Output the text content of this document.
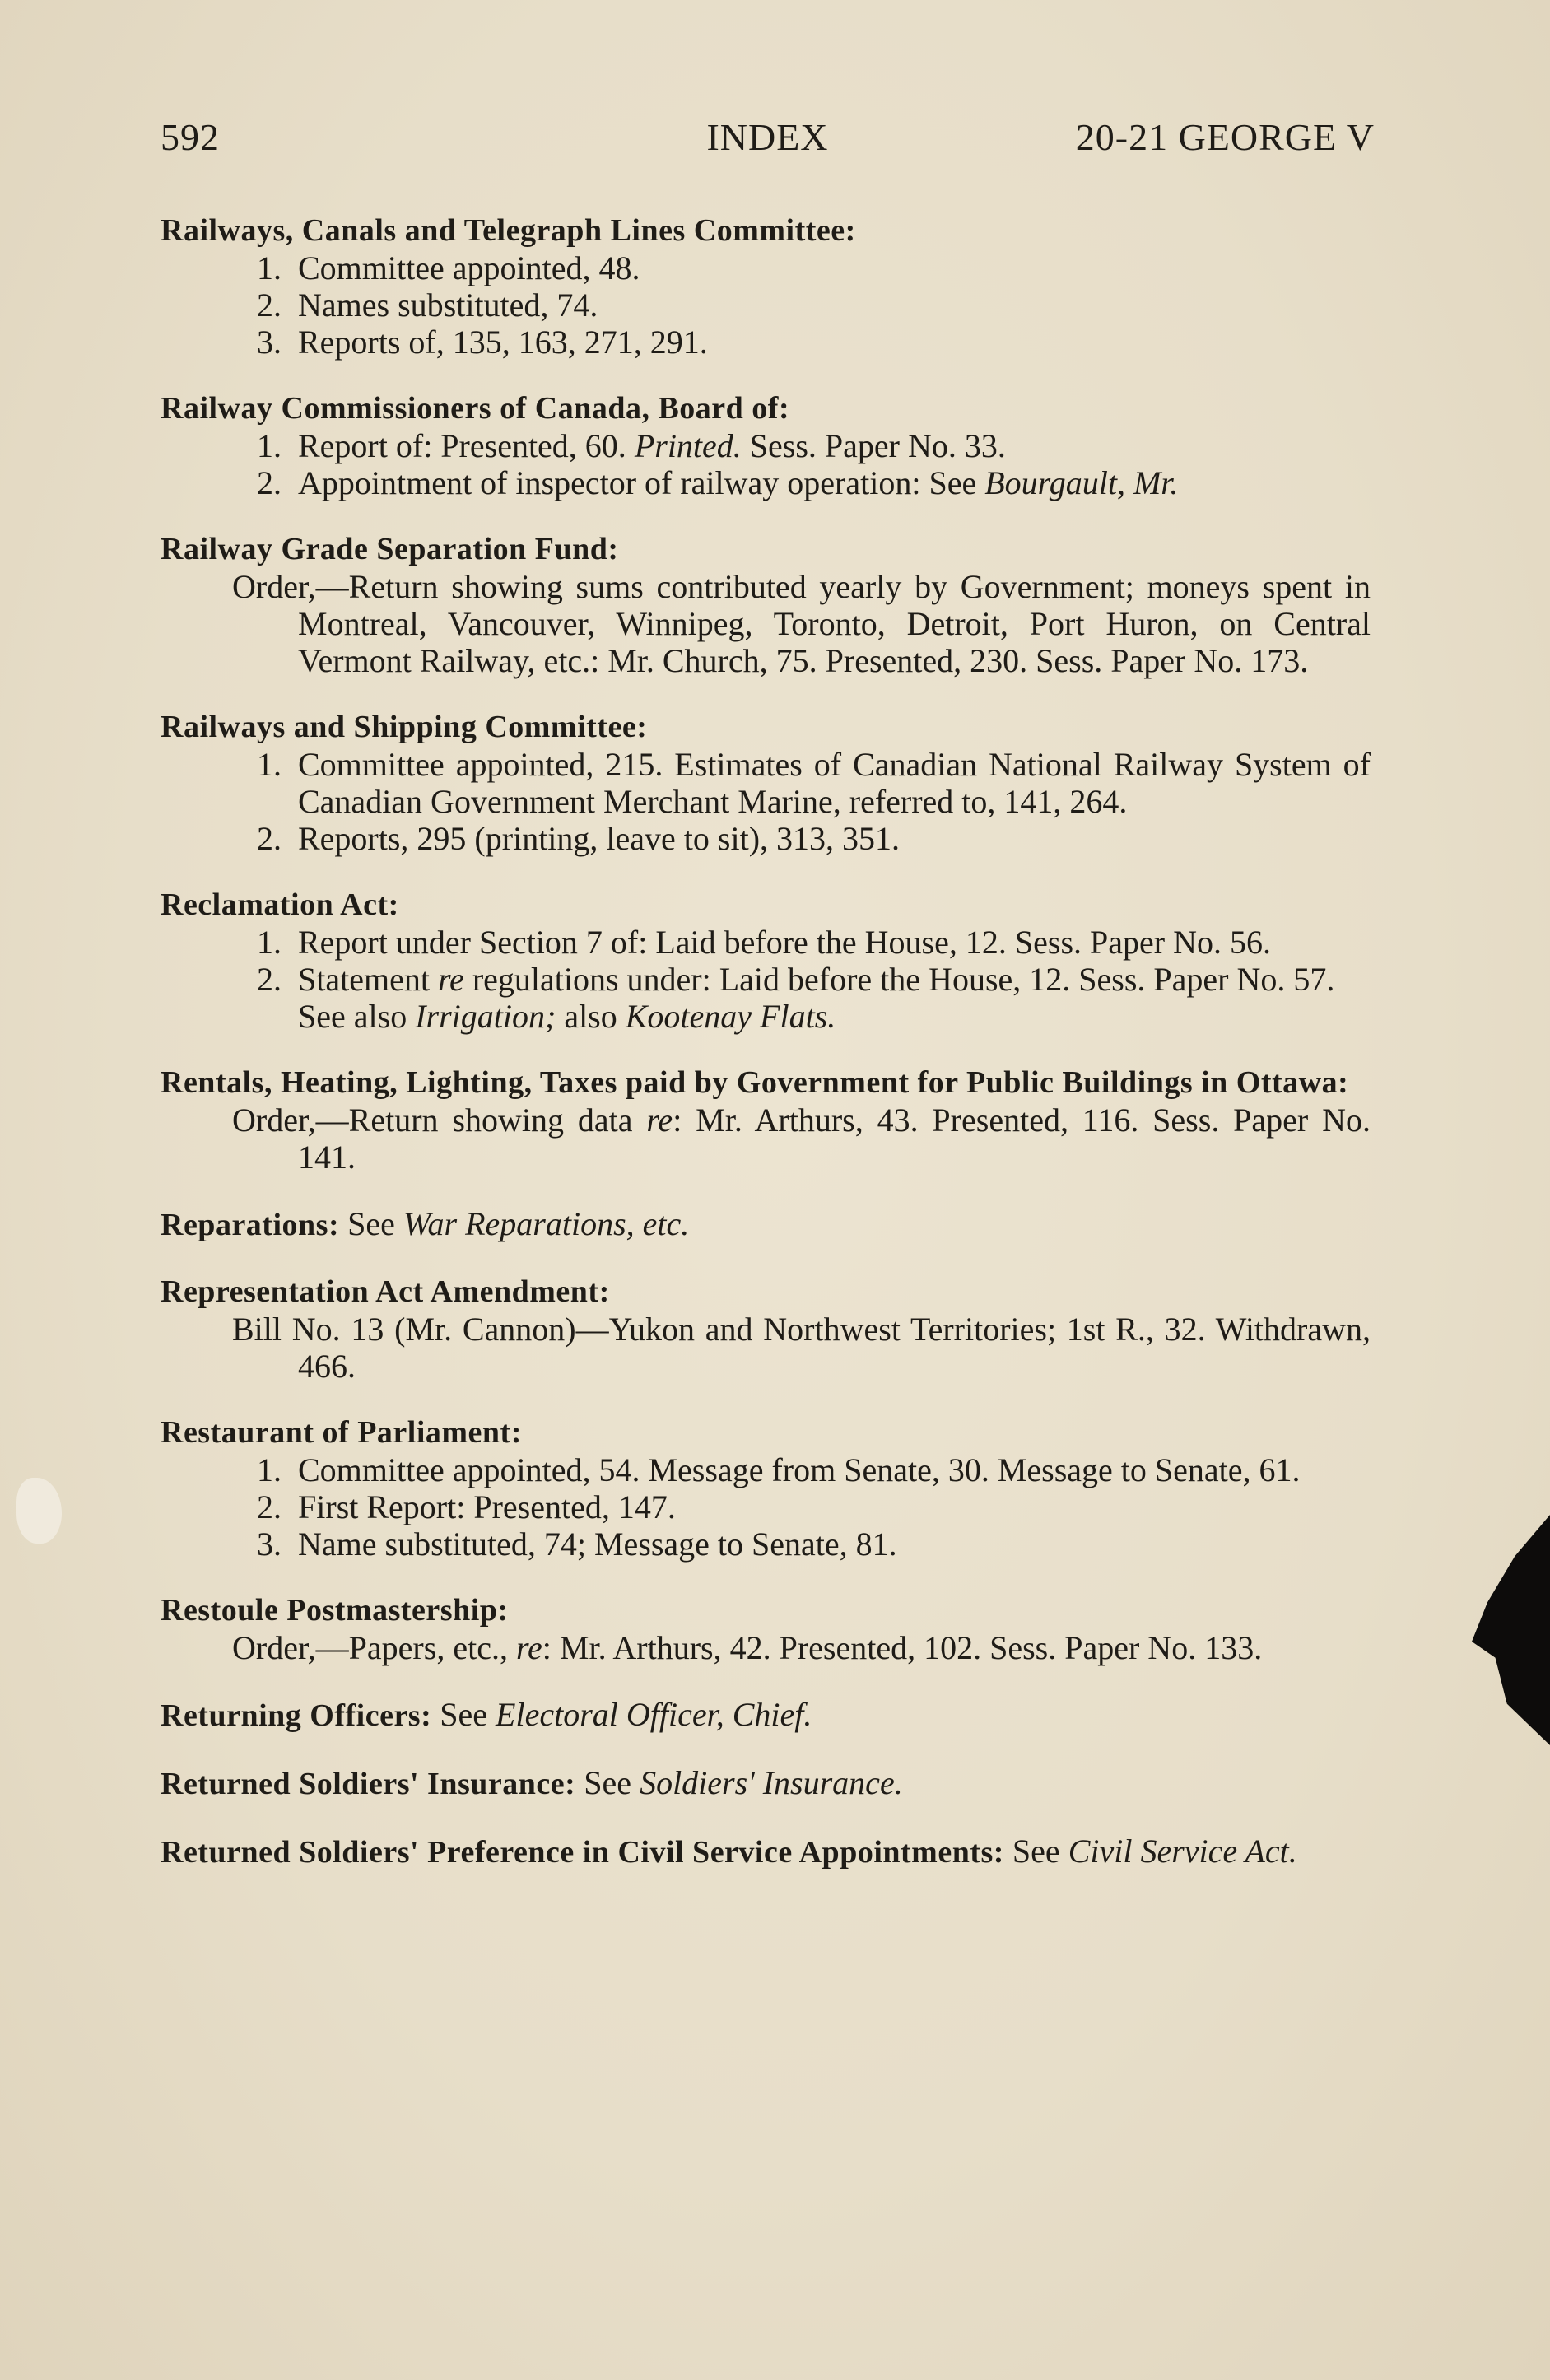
592	INDEX	20-21 GEORGE V
Railways, Canals and Telegraph Lines Committee:
1. Committee appointed, 48.
2. Names substituted, 74.
3. Reports of, 135, 163, 271, 291.
Railway Commissioners of Canada, Board of:
1. Report of: Presented, 60. Printed. Sess. Paper No. 33.
2. Appointment of inspector of railway operation: See Bourgault, Mr.
Railway Grade Separation Fund:
Order,—Return showing sums contributed yearly by Government; moneys spent in Montreal, Vancouver, Winnipeg, Toronto, Detroit, Port Huron, on Central Vermont Railway, etc.: Mr. Church, 75. Presented, 230. Sess. Paper No. 173.
Railways and Shipping Committee:
1. Committee appointed, 215. Estimates of Canadian National Railway System of Canadian Government Merchant Marine, referred to, 141, 264.
2. Reports, 295 (printing, leave to sit), 313, 351.
Reclamation Act:
1. Report under Section 7 of: Laid before the House, 12. Sess. Paper No. 56.
2. Statement re regulations under: Laid before the House, 12. Sess. Paper No. 57.
See also Irrigation; also Kootenay Flats.
Rentals, Heating, Lighting, Taxes paid by Government for Public Buildings in Ottawa:
Order,—Return showing data re: Mr. Arthurs, 43. Presented, 116. Sess. Paper No. 141.
Reparations: See War Reparations, etc.
Representation Act Amendment:
Bill No. 13 (Mr. Cannon)—Yukon and Northwest Territories; 1st R., 32. Withdrawn, 466.
Restaurant of Parliament:
1. Committee appointed, 54. Message from Senate, 30. Message to Senate, 61.
2. First Report: Presented, 147.
3. Name substituted, 74; Message to Senate, 81.
Restoule Postmastership:
Order,—Papers, etc., re: Mr. Arthurs, 42. Presented, 102. Sess. Paper No. 133.
Returning Officers: See Electoral Officer, Chief.
Returned Soldiers' Insurance: See Soldiers' Insurance.
Returned Soldiers' Preference in Civil Service Appointments: See Civil Service Act.
